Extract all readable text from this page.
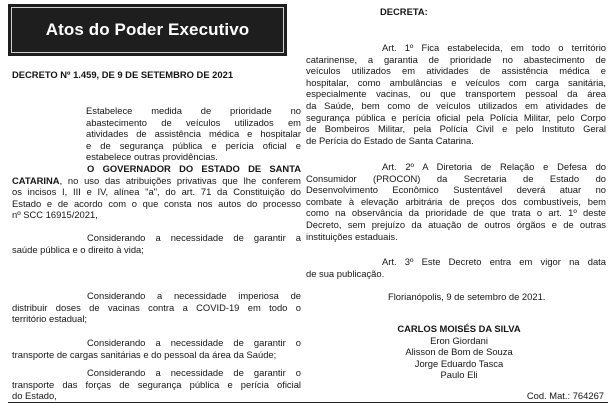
Atos do Poder Executivo
DECRETO Nº 1.459, DE 9 DE SETEMBRO DE 2021
Estabelece medida de prioridade no
abastecimento de veículos utilizados em
atividades de assistência médica e hospitalar
e de segurança pública e perícia oficial e
estabelece outras providências.
O GOVERNADOR DO ESTADO DE SANTA
CATARINA, no uso das atribuições privativas que lhe conferem
os incisos I, III e IV, alínea "a", do art. 71 da Constituição do
Estado e de acordo com o que consta nos autos do processo
nº SCC 16915/2021,
Considerando a necessidade de garantir a
saúde pública e o direito à vida;
Considerando a necessidade imperiosa de
distribuir doses de vacinas contra a COVID-19 em todo o
território estadual;
Considerando a necessidade de garantir o
transporte de cargas sanitárias e do pessoal da área da Saúde;
Considerando a necessidade de garantir o
transporte das forças de segurança pública e perícia oficial
do Estado,
DECRETA:
Art. 1º Fica estabelecida, em todo o território
catarinense, a garantia de prioridade no abastecimento de
veículos utilizados em atividades de assistência médica e
hospitalar, como ambulâncias e veículos com carga sanitária,
especialmente vacinas, ou que transportem pessoal da área
da Saúde, bem como de veículos utilizados em atividades de
segurança pública e perícia oficial pela Polícia Militar, pelo Corpo
de Bombeiros Militar, pela Polícia Civil e pelo Instituto Geral
de Perícia do Estado de Santa Catarina.
Art. 2º A Diretoria de Relação e Defesa do
Consumidor (PROCON) da Secretaria de Estado do
Desenvolvimento Econômico Sustentável deverá atuar no
combate à elevação arbitrária de preços dos combustíveis, bem
como na observância da prioridade de que trata o art. 1º deste
Decreto, sem prejuízo da atuação de outros órgãos e de outras
instituições estaduais.
Art. 3º Este Decreto entra em vigor na data
de sua publicação.
Florianópolis, 9 de setembro de 2021.
CARLOS MOISÉS DA SILVA
Eron Giordani
Alisson de Bom de Souza
Jorge Eduardo Tasca
Paulo Eli
Cod. Mat.: 764267
